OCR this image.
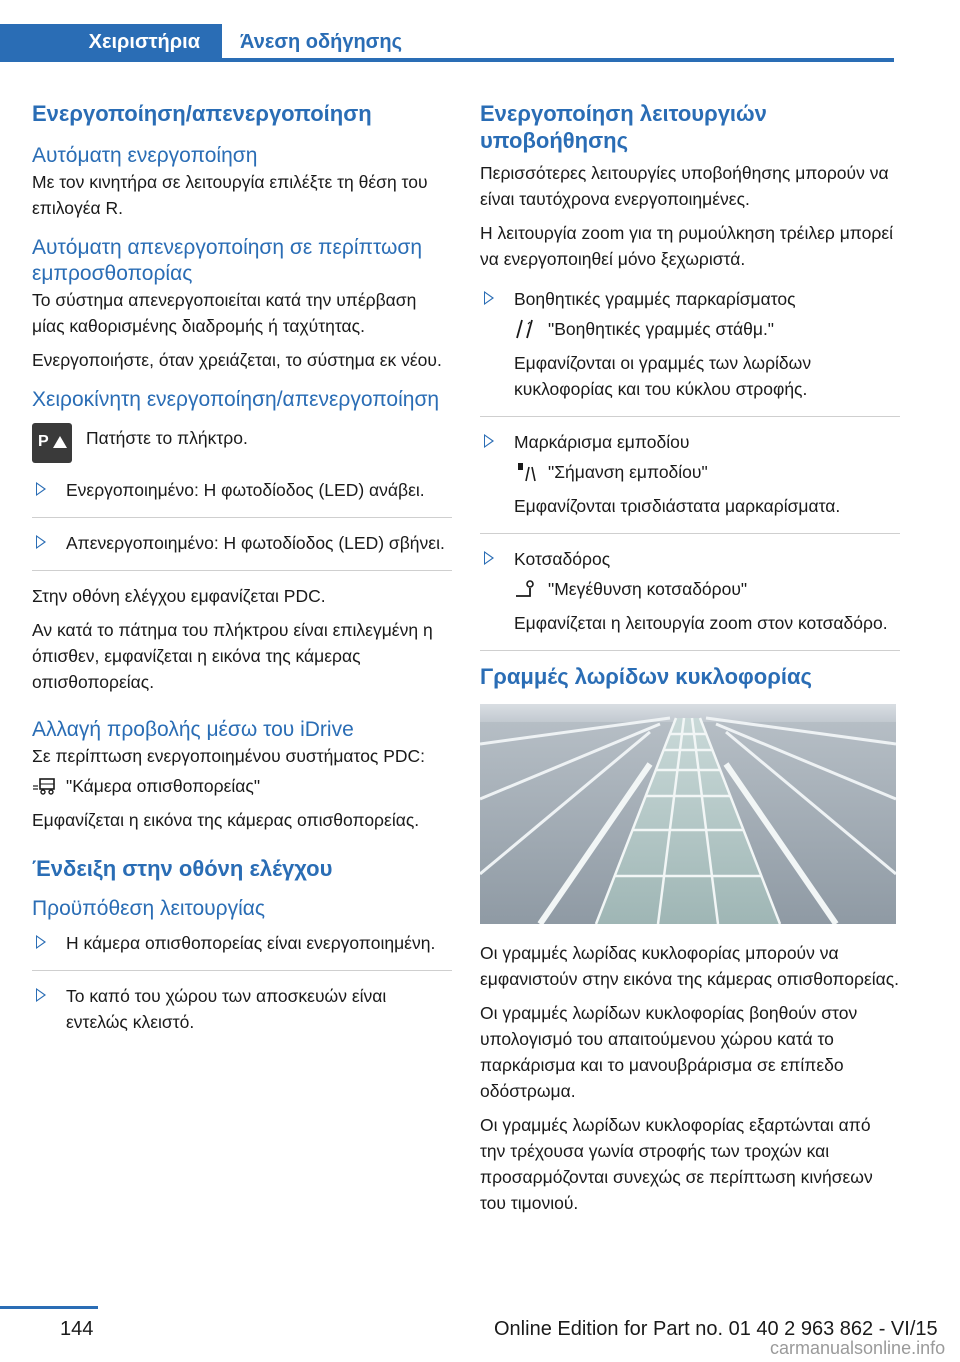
Χειριστήρια	Άνεση οδήγησης
Ενεργοποίηση/απενεργοποίηση
Αυτόματη ενεργοποίηση

Με τον κινητήρα σε λειτουργία επιλέξτε τη θέση του επιλογέα R.

Αυτόματη απενεργοποίηση σε περίπτωση εμπροσθοπορίας

Το σύστημα απενεργοποιείται κατά την υπέρβαση μίας καθορισμένης διαδρομής ή ταχύτητας.

Ενεργοποιήστε, όταν χρειάζεται, το σύστημα εκ νέου.

Χειροκίνητη ενεργοποίηση/απενεργοποίηση
P Πατήστε το πλήκτρο.

Ενεργοποιημένο: Η φωτοδίοδος (LED) ανάβει.
Απενεργοποιημένο: Η φωτοδίοδος (LED) σβήνει.

Στην οθόνη ελέγχου εμφανίζεται PDC.

Αν κατά το πάτημα του πλήκτρου είναι επιλεγμένη η όπισθεν, εμφανίζεται η εικόνα της κάμερας οπισθοπορείας.

Αλλαγή προβολής μέσω του iDrive

Σε περίπτωση ενεργοποιημένου συστήματος PDC:

"Κάμερα οπισθοπορείας"

Εμφανίζεται η εικόνα της κάμερας οπισθοπορείας.

Ένδειξη στην οθόνη ελέγχου
Προϋπόθεση λειτουργίας
Η κάμερα οπισθοπορείας είναι ενεργοποιημένη.
Το καπό του χώρου των αποσκευών είναι εντελώς κλειστό.
Ενεργοποίηση λειτουργιών υποβοήθησης

Περισσότερες λειτουργίες υποβοήθησης μπορούν να είναι ταυτόχρονα ενεργοποιημένες.

Η λειτουργία zoom για τη ρυμούλκηση τρέιλερ μπορεί να ενεργοποιηθεί μόνο ξεχωριστά.

Βοηθητικές γραμμές παρκαρίσματος
"Βοηθητικές γραμμές στάθμ."
Εμφανίζονται οι γραμμές των λωρίδων κυκλοφορίας και του κύκλου στροφής.
Μαρκάρισμα εμποδίου
"Σήμανση εμποδίου"
Εμφανίζονται τρισδιάστατα μαρκαρίσματα.
Κοτσαδόρος
"Μεγέθυνση κοτσαδόρου"
Εμφανίζεται η λειτουργία zoom στον κοτσαδόρο.
Γραμμές λωρίδων κυκλοφορίας

Οι γραμμές λωρίδας κυκλοφορίας μπορούν να εμφανιστούν στην εικόνα της κάμερας οπισθοπορείας.

Οι γραμμές λωρίδων κυκλοφορίας βοηθούν στον υπολογισμό του απαιτούμενου χώρου κατά το παρκάρισμα και το μανουβράρισμα σε επίπεδο οδόστρωμα.

Οι γραμμές λωρίδων κυκλοφορίας εξαρτώνται από την τρέχουσα γωνία στροφής των τροχών και προσαρμόζονται συνεχώς σε περίπτωση κινήσεων του τιμονιού.

144	Online Edition for Part no. 01 40 2 963 862 - VI/15
carmanualsonline.info
